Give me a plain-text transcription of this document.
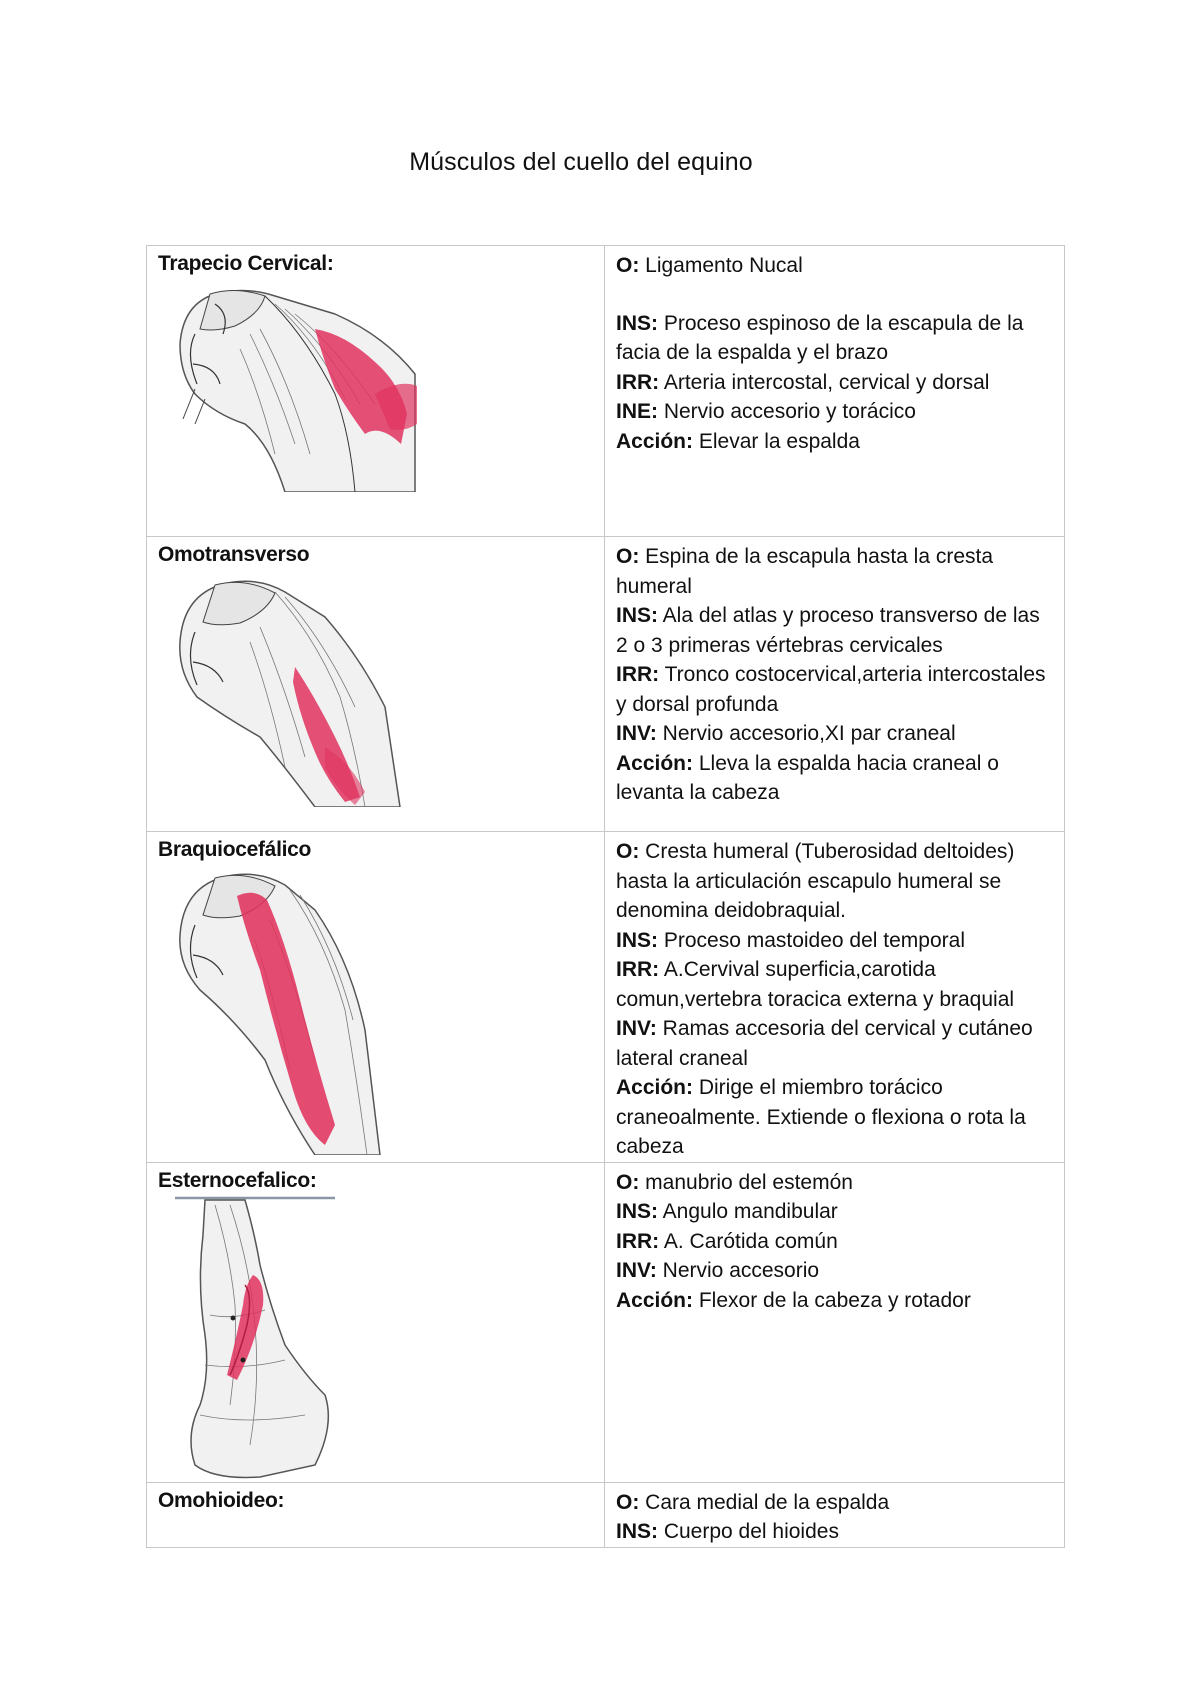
Músculos del cuello del equino
Trapecio Cervical:	O: Ligamento Nucal

INS: Proceso espinoso de la escapula de la facia de la espalda y el brazo

IRR: Arteria intercostal, cervical y dorsal

INE: Nervio accesorio y torácico

Acción: Elevar la espalda

Omotransverso	O: Espina de la escapula hasta la cresta humeral

INS: Ala del atlas y proceso transverso de las 2 o 3 primeras vértebras cervicales

IRR: Tronco costocervical,arteria intercostales y dorsal profunda

INV: Nervio accesorio,XI par craneal

Acción: Lleva la espalda hacia craneal o levanta la cabeza

Braquiocefálico	O: Cresta humeral (Tuberosidad deltoides) hasta la articulación escapulo humeral se denomina deidobraquial.

INS: Proceso mastoideo del temporal

IRR: A.Cervival superficia,carotida comun,vertebra toracica externa y braquial

INV: Ramas accesoria del cervical y cutáneo lateral craneal

Acción: Dirige el miembro torácico craneoalmente. Extiende o flexiona o rota la cabeza

Esternocefalico:	O: manubrio del estemón

INS: Angulo mandibular

IRR: A. Carótida común

INV: Nervio accesorio

Acción: Flexor de la cabeza y rotador

Omohioideo:	O: Cara medial de la espalda

INS: Cuerpo del hioides
